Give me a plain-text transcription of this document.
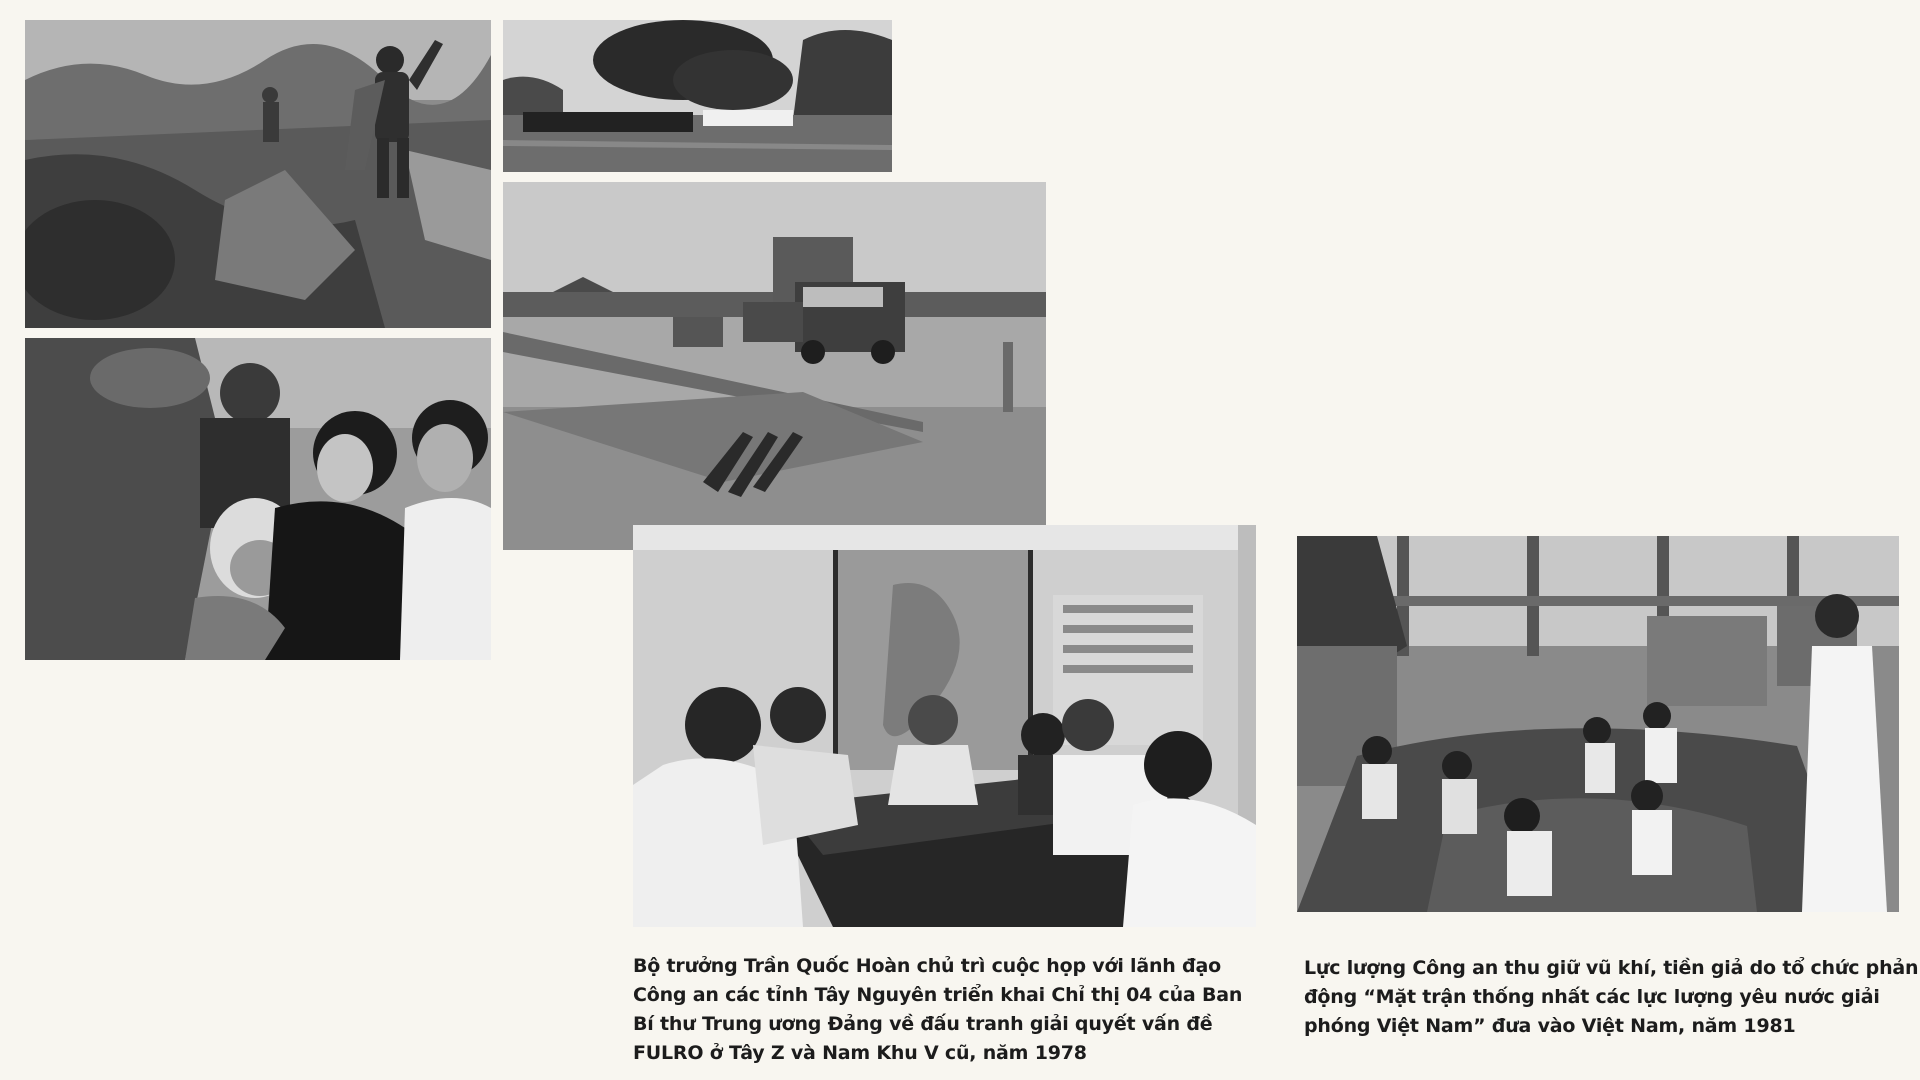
Bộ trưởng Trần Quốc Hoàn chủ trì cuộc họp với lãnh đạo
Công an các tỉnh Tây Nguyên triển khai Chỉ thị 04 của Ban
Bí thư Trung ương Đảng về đấu tranh giải quyết vấn đề
FULRO ở Tây Z và Nam Khu V cũ, năm 1978

Lực lượng Công an thu giữ vũ khí, tiền giả do tổ chức phản
động “Mặt trận thống nhất các lực lượng yêu nước giải
phóng Việt Nam” đưa vào Việt Nam, năm 1981
